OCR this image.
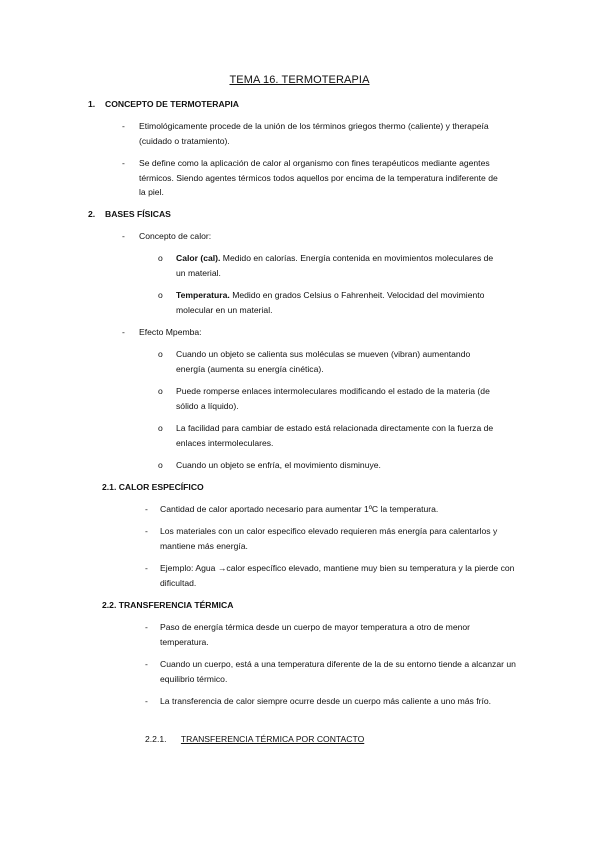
TEMA 16. TERMOTERAPIA
1. CONCEPTO DE TERMOTERAPIA
-	Etimológicamente procede de la unión de los términos griegos thermo (caliente) y therapeía (cuidado o tratamiento).
-	Se define como la aplicación de calor al organismo con fines terapéuticos mediante agentes térmicos. Siendo agentes térmicos todos aquellos por encima de la temperatura indiferente de la piel.
2. BASES FÍSICAS
-	Concepto de calor:
o	Calor (cal). Medido en calorías. Energía contenida en movimientos moleculares de un material.
o	Temperatura. Medido en grados Celsius o Fahrenheit. Velocidad del movimiento molecular en un material.
-	Efecto Mpemba:
o	Cuando un objeto se calienta sus moléculas se mueven (vibran) aumentando energía (aumenta su energía cinética).
o	Puede romperse enlaces intermoleculares modificando el estado de la materia (de sólido a líquido).
o	La facilidad para cambiar de estado está relacionada directamente con la fuerza de enlaces intermoleculares.
o	Cuando un objeto se enfría, el movimiento disminuye.
2.1. CALOR ESPECÍFICO
-	Cantidad de calor aportado necesario para aumentar 1ºC la temperatura.
-	Los materiales con un calor especifico elevado requieren más energía para calentarlos y mantiene más energía.
-	Ejemplo: Agua →calor específico elevado, mantiene muy bien su temperatura y la pierde con dificultad.
2.2. TRANSFERENCIA TÉRMICA
-	Paso de energía térmica desde un cuerpo de mayor temperatura a otro de menor temperatura.
-	Cuando un cuerpo, está a una temperatura diferente de la de su entorno tiende a alcanzar un equilibrio térmico.
-	La transferencia de calor siempre ocurre desde un cuerpo más caliente a uno más frío.
2.2.1. TRANSFERENCIA TÉRMICA POR CONTACTO
